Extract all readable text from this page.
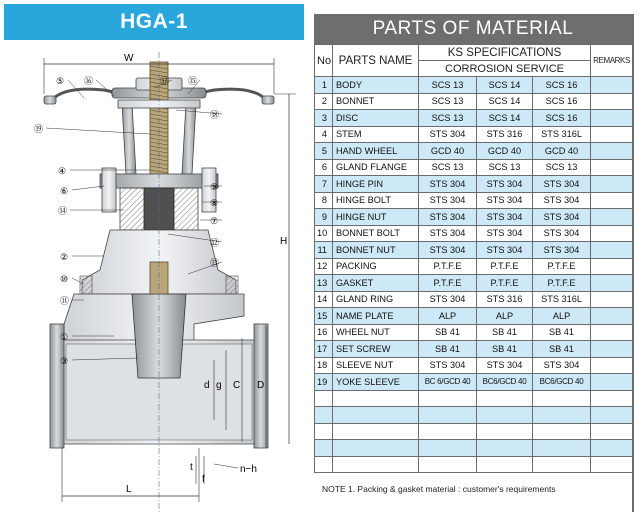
HGA-1
W
H
d g C D
L
t
f
n−h
⑤ ⑯	⑰ ⑮
⑱
⑲
④
⑥	⑨
⑭
⑧
⑦
⑫
②
⑬
⑩
⑪
①
③
PARTS OF MATERIAL
No	PARTS NAME	KS SPECIFICATIONS			REMARKS
		CORROSION SERVICE			
1	BODY	SCS 13	SCS 14	SCS 16	
2	BONNET	SCS 13	SCS 14	SCS 16	
3	DISC	SCS 13	SCS 14	SCS 16	
4	STEM	STS 304	STS 316	STS 316L	
5	HAND WHEEL	GCD 40	GCD 40	GCD 40	
6	GLAND FLANGE	SCS 13	SCS 13	SCS 13	
7	HINGE PIN	STS 304	STS 304	STS 304	
8	HINGE BOLT	STS 304	STS 304	STS 304	
9	HINGE NUT	STS 304	STS 304	STS 304	
10	BONNET BOLT	STS 304	STS 304	STS 304	
11	BONNET NUT	STS 304	STS 304	STS 304	
12	PACKING	P.T.F.E	P.T.F.E	P.T.F.E	
13	GASKET	P.T.F.E	P.T.F.E	P.T.F.E	
14	GLAND RING	STS 304	STS 316	STS 316L	
15	NAME PLATE	ALP	ALP	ALP	
16	WHEEL NUT	SB 41	SB 41	SB 41	
17	SET SCREW	SB 41	SB 41	SB 41	
18	SLEEVE NUT	STS 304	STS 304	STS 304	
19	YOKE SLEEVE	BC 6/GCD 40	BC6/GCD 40	BC6/GCD 40	

NOTE 1. Packing & gasket material : customer's requirements
